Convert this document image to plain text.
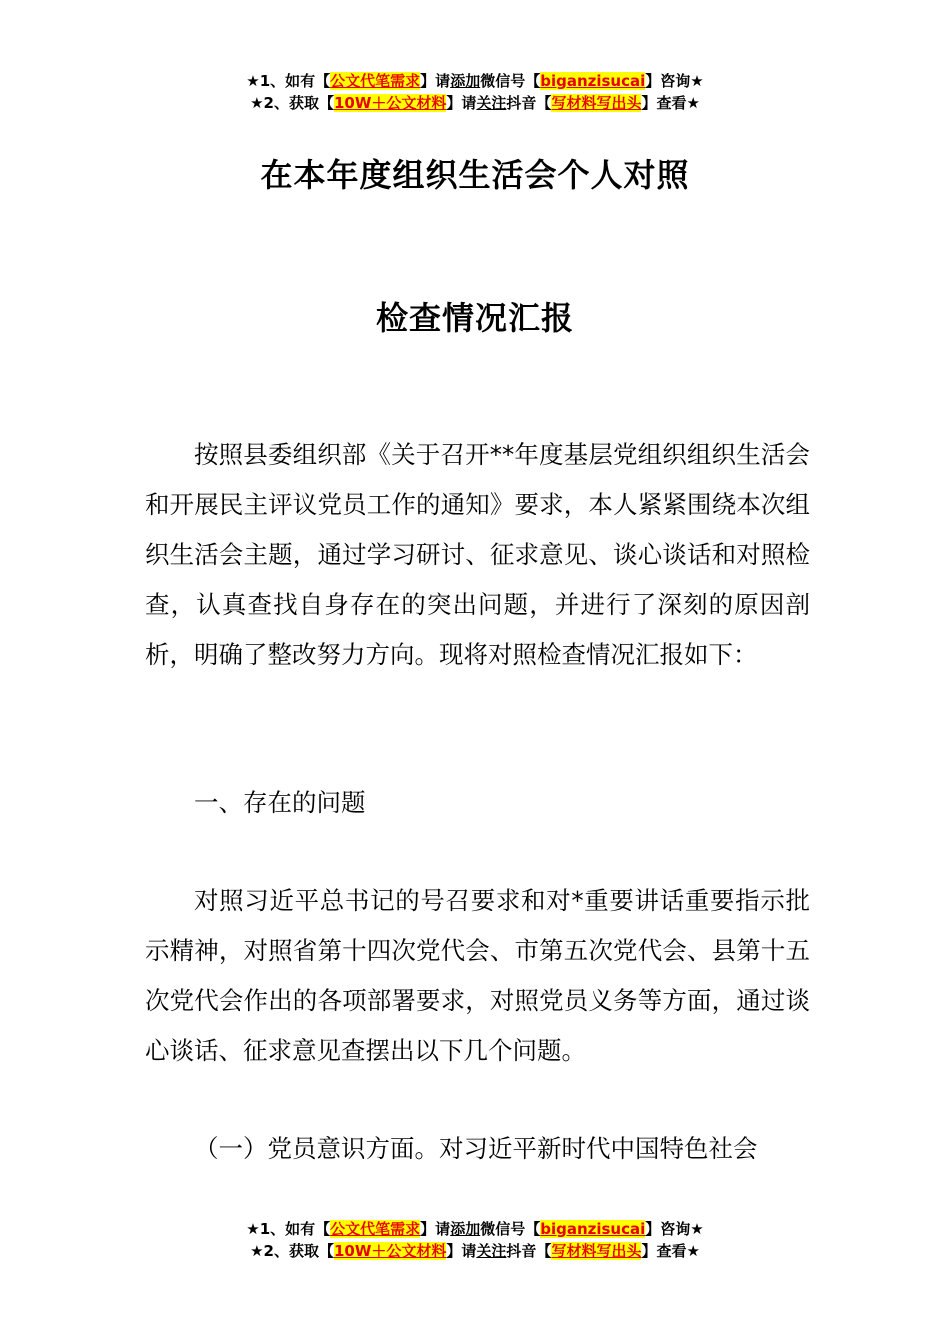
★1、如有【公文代笔需求】请添加微信号【biganzisucai】咨询★
★2、获取【10W＋公文材料】请关注抖音【写材料写出头】查看★
在本年度组织生活会个人对照
检查情况汇报
按照县委组织部《关于召开**年度基层党组织组织生活会和开展民主评议党员工作的通知》要求，本人紧紧围绕本次组织生活会主题，通过学习研讨、征求意见、谈心谈话和对照检查，认真查找自身存在的突出问题，并进行了深刻的原因剖析，明确了整改努力方向。现将对照检查情况汇报如下：
一、存在的问题
对照习近平总书记的号召要求和对*重要讲话重要指示批示精神，对照省第十四次党代会、市第五次党代会、县第十五次党代会作出的各项部署要求，对照党员义务等方面，通过谈心谈话、征求意见查摆出以下几个问题。
（一）党员意识方面。对习近平新时代中国特色社会
★1、如有【公文代笔需求】请添加微信号【biganzisucai】咨询★
★2、获取【10W＋公文材料】请关注抖音【写材料写出头】查看★
